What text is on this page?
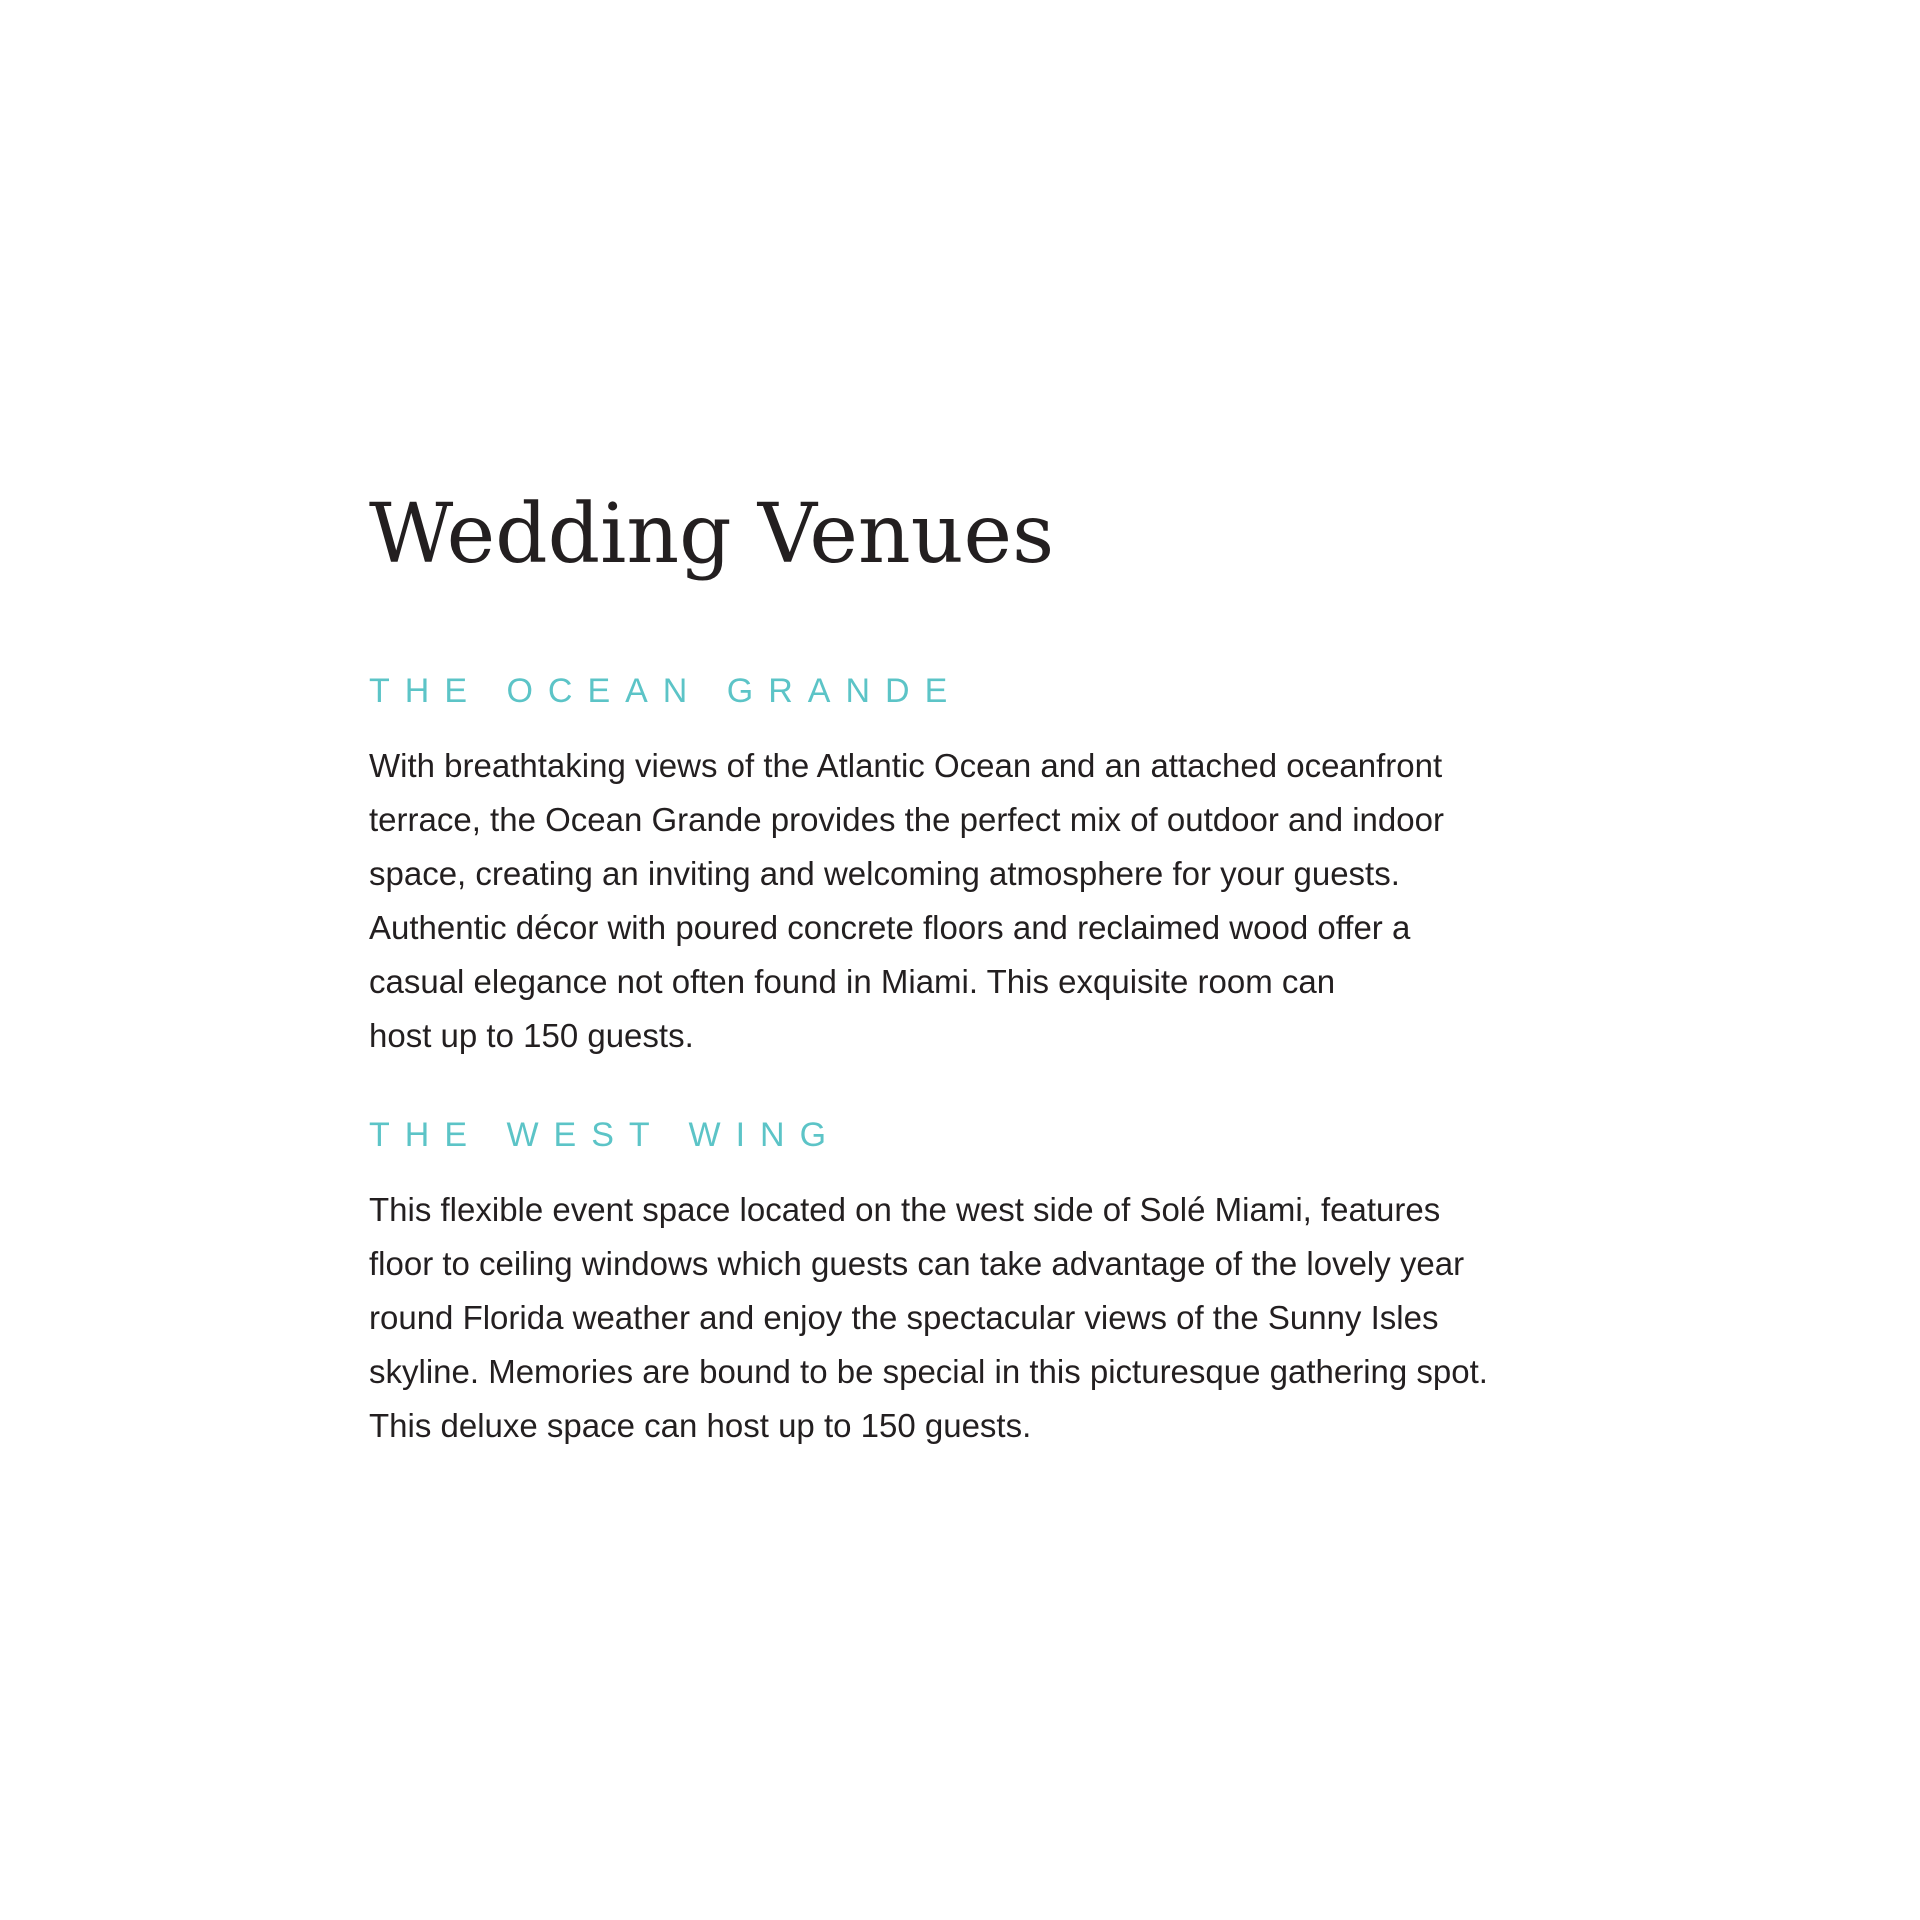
Wedding Venues
THE OCEAN GRANDE

With breathtaking views of the Atlantic Ocean and an attached oceanfront
terrace, the Ocean Grande provides the perfect mix of outdoor and indoor
space, creating an inviting and welcoming atmosphere for your guests.
Authentic décor with poured concrete floors and reclaimed wood offer a
casual elegance not often found in Miami. This exquisite room can
host up to 150 guests.

THE WEST WING

This flexible event space located on the west side of Solé Miami, features
floor to ceiling windows which guests can take advantage of the lovely year
round Florida weather and enjoy the spectacular views of the Sunny Isles
skyline. Memories are bound to be special in this picturesque gathering spot.
This deluxe space can host up to 150 guests.
